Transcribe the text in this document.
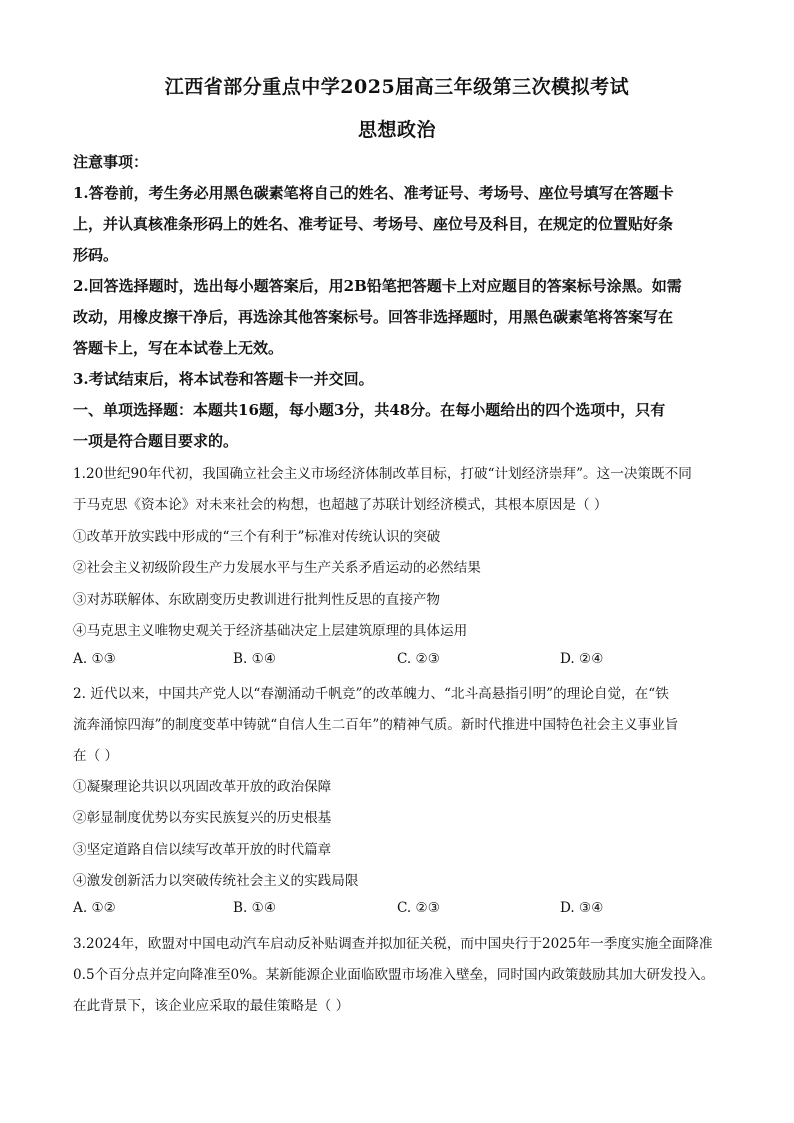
江西省部分重点中学2025届高三年级第三次模拟考试
思想政治
注意事项：
1.答卷前，考生务必用黑色碳素笔将自己的姓名、准考证号、考场号、座位号填写在答题卡
上，并认真核准条形码上的姓名、准考证号、考场号、座位号及科目，在规定的位置贴好条
形码。
2.回答选择题时，选出每小题答案后，用2B铅笔把答题卡上对应题目的答案标号涂黑。如需
改动，用橡皮擦干净后，再选涂其他答案标号。回答非选择题时，用黑色碳素笔将答案写在
答题卡上，写在本试卷上无效。
3.考试结束后，将本试卷和答题卡一并交回。
一、单项选择题：本题共16题，每小题3分，共48分。在每小题给出的四个选项中，只有
一项是符合题目要求的。
1.20世纪90年代初，我国确立社会主义市场经济体制改革目标，打破“计划经济崇拜”。这一决策既不同
于马克思《资本论》对未来社会的构想，也超越了苏联计划经济模式，其根本原因是（ ）
①改革开放实践中形成的“三个有利于”标准对传统认识的突破
②社会主义初级阶段生产力发展水平与生产关系矛盾运动的必然结果
③对苏联解体、东欧剧变历史教训进行批判性反思的直接产物
④马克思主义唯物史观关于经济基础决定上层建筑原理的具体运用
A. ①③	B. ①④	C. ②③	D. ②④
2. 近代以来，中国共产党人以“春潮涌动千帆竞”的改革魄力、“北斗高悬指引明”的理论自觉，在“铁
流奔涌惊四海”的制度变革中铸就“自信人生二百年”的精神气质。新时代推进中国特色社会主义事业旨
在（ ）
①凝聚理论共识以巩固改革开放的政治保障
②彰显制度优势以夯实民族复兴的历史根基
③坚定道路自信以续写改革开放的时代篇章
④激发创新活力以突破传统社会主义的实践局限
A. ①②	B. ①④	C. ②③	D. ③④
3.2024年，欧盟对中国电动汽车启动反补贴调查并拟加征关税，而中国央行于2025年一季度实施全面降准
0.5个百分点并定向降准至0%。某新能源企业面临欧盟市场准入壁垒，同时国内政策鼓励其加大研发投入。
在此背景下，该企业应采取的最佳策略是（ ）
